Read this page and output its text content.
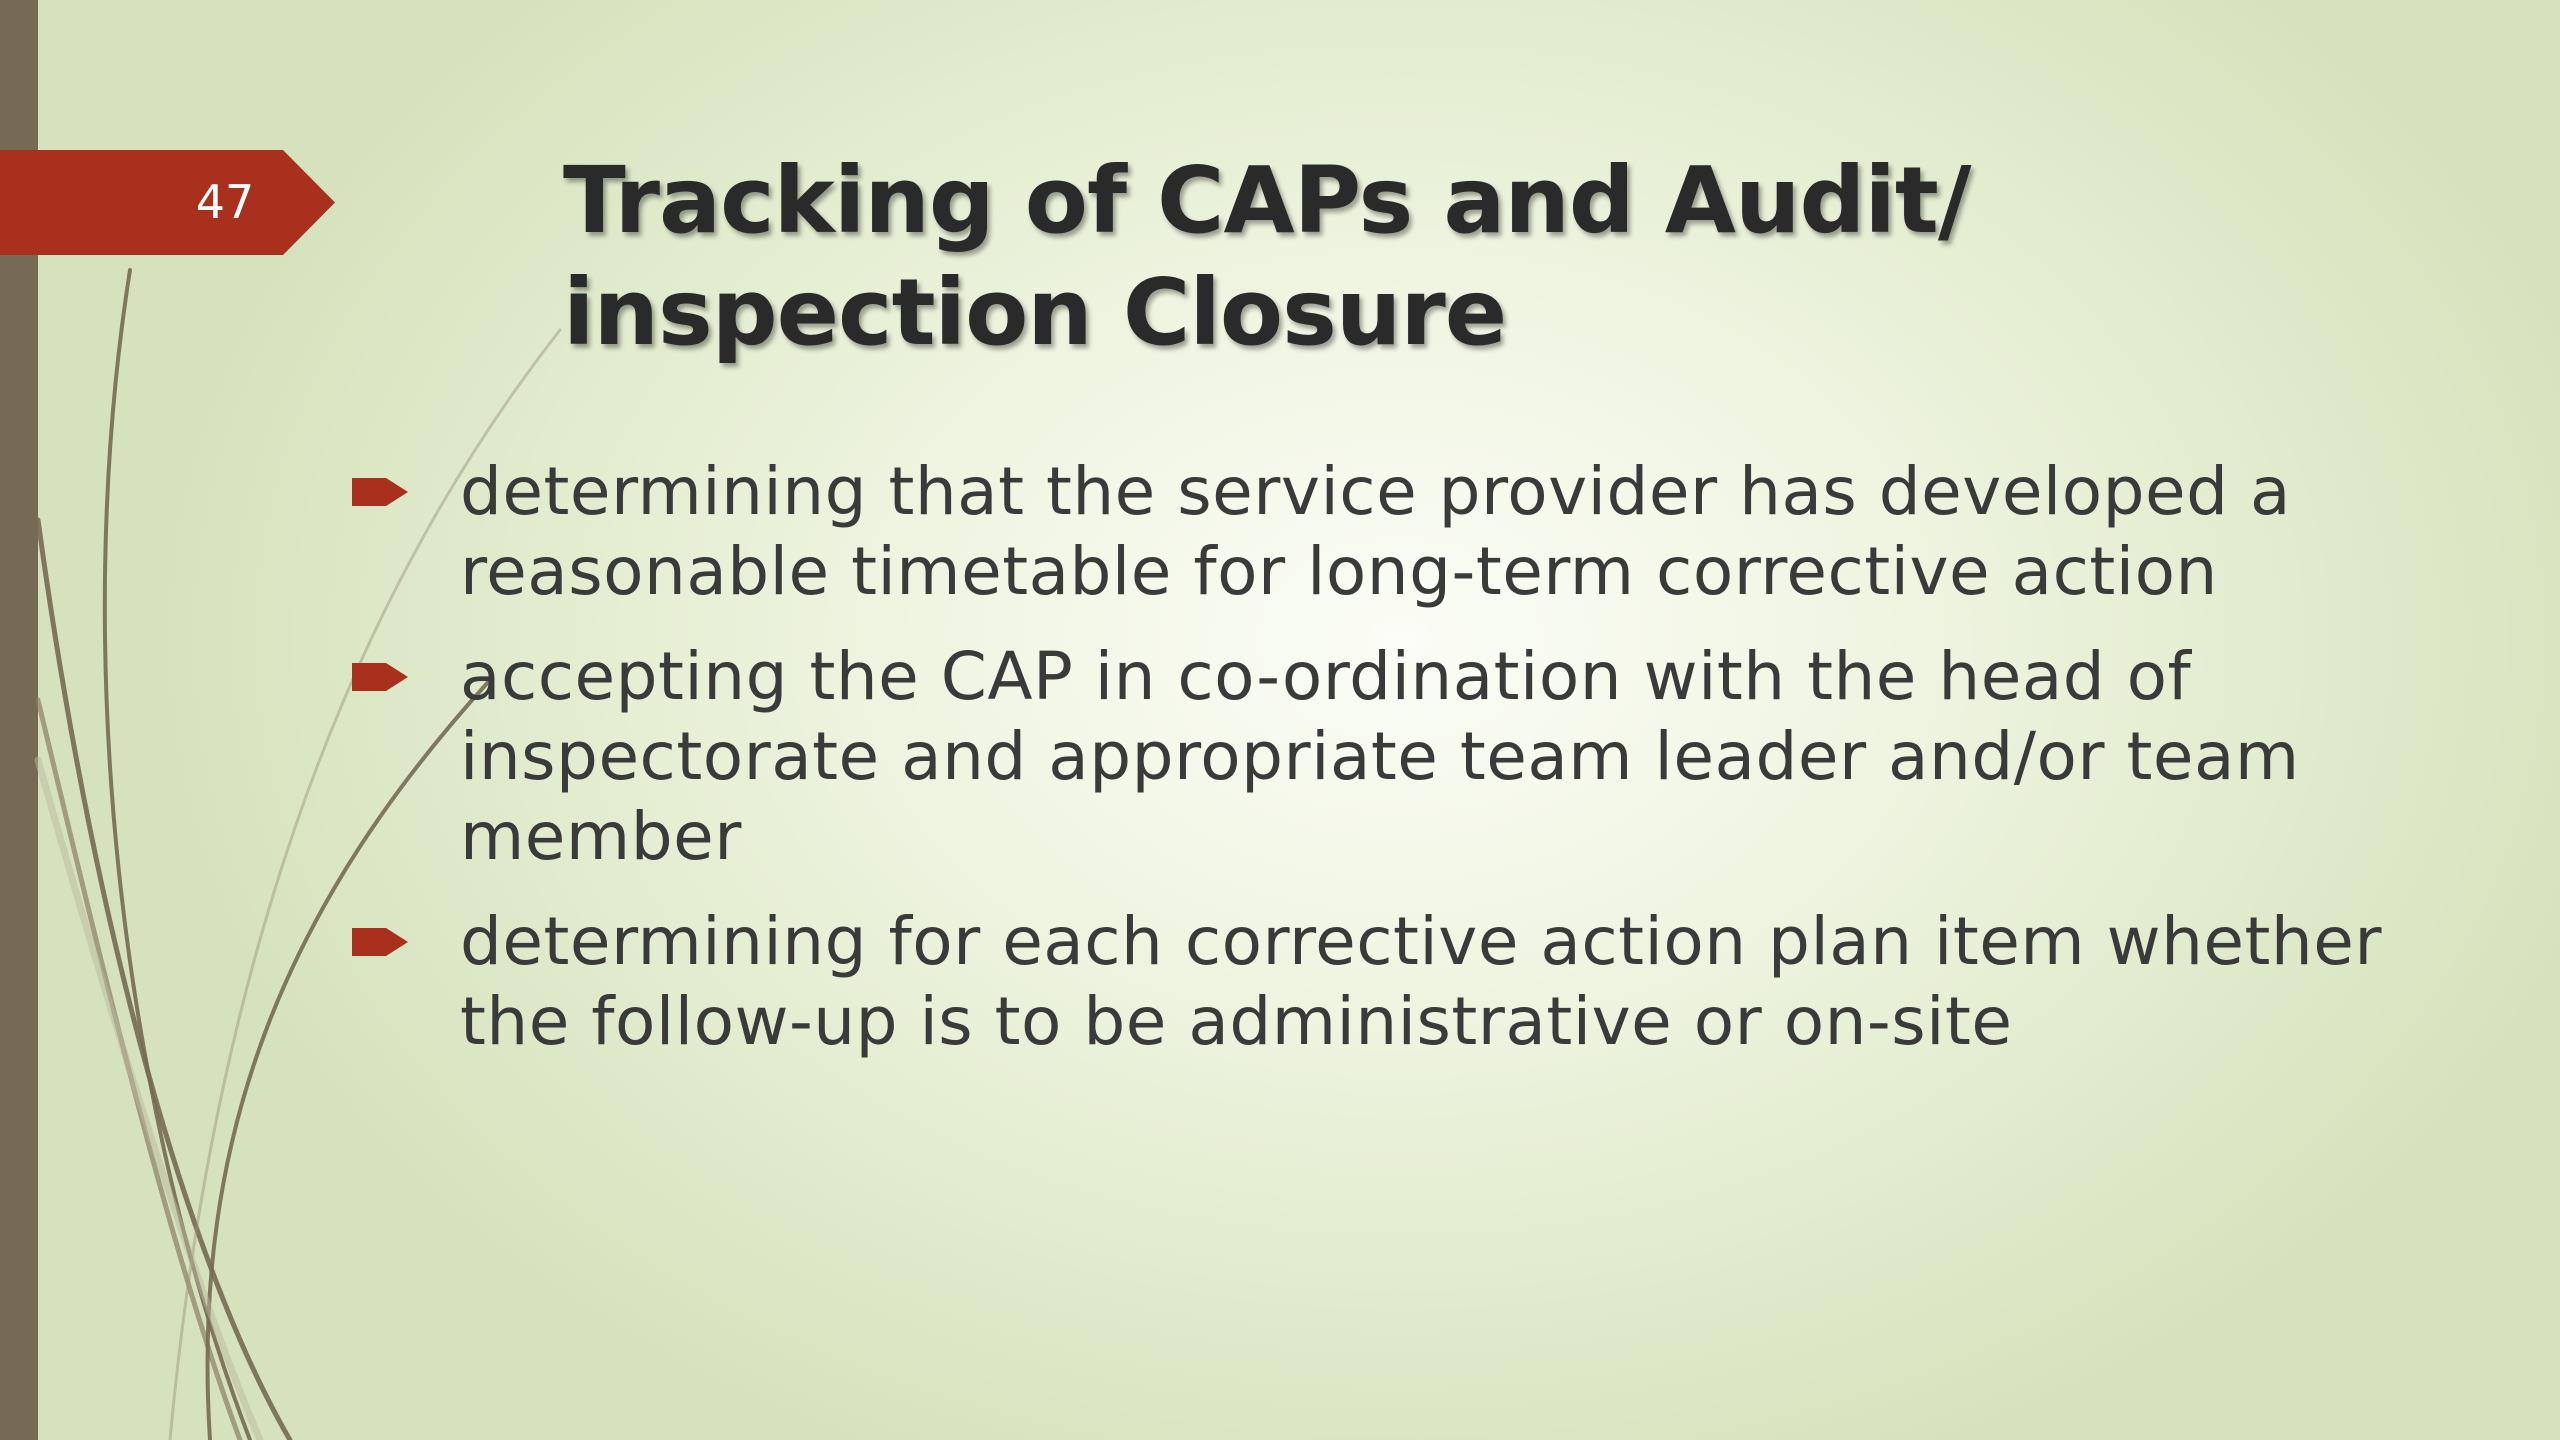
47	Tracking of CAPs and Audit/ inspection Closure
determining that the service provider has developed a reasonable timetable for long-term corrective action
accepting the CAP in co-ordination with the head of inspectorate and appropriate team leader and/or team member
determining for each corrective action plan item whether the follow-up is to be administrative or on-site
